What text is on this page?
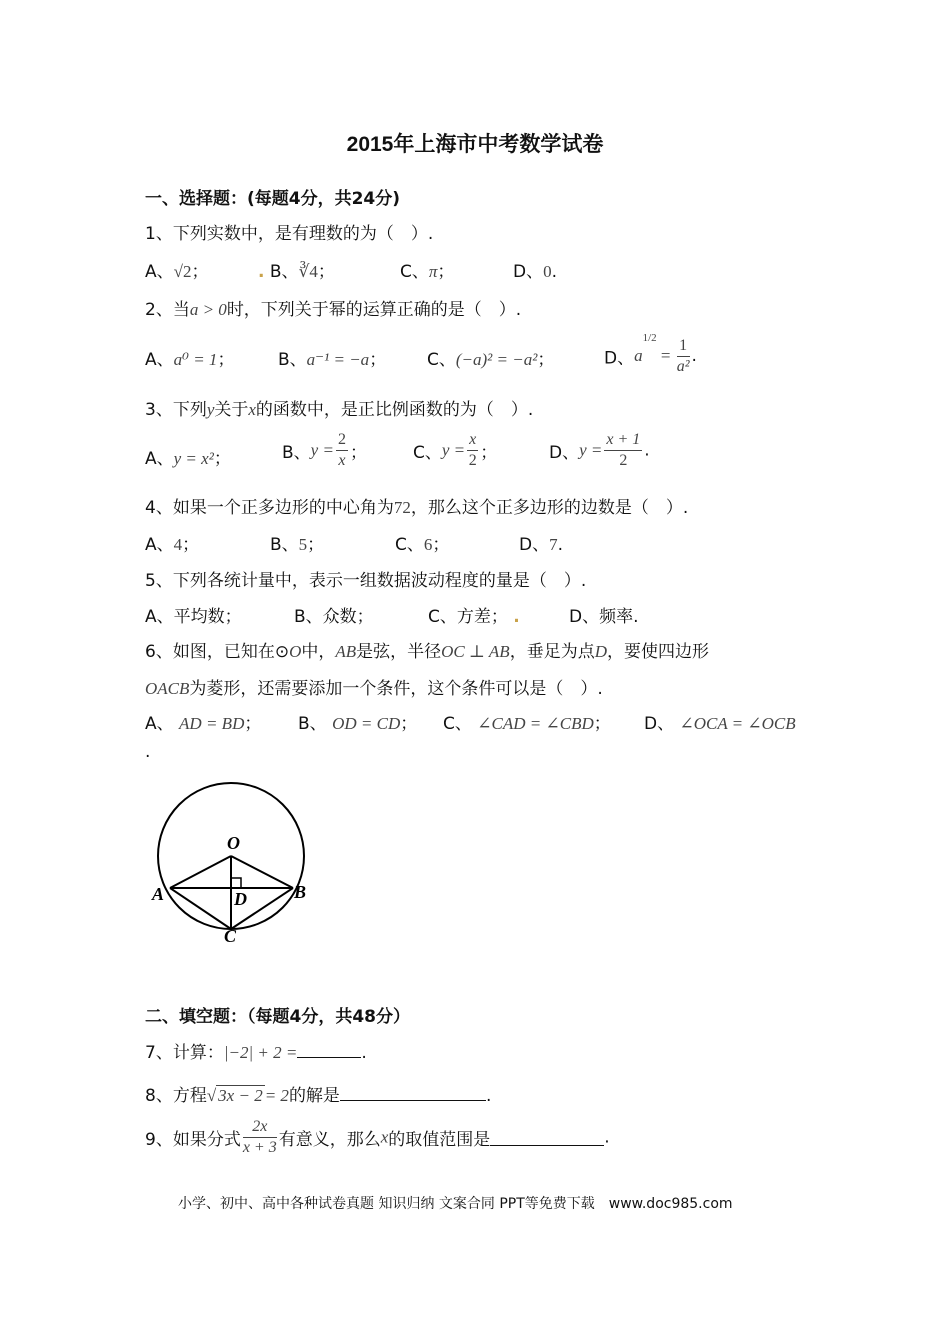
2015年上海市中考数学试卷
一、选择题：(每题4分，共24分)
1、下列实数中，是有理数的为（　）.
A、√2；	. B、∛4；	C、π；	D、0.
2、当a > 0时，下列关于幂的运算正确的是（　）.
A、a⁰ = 1；	B、a⁻¹ = −a； C、(−a)² = −a²；	D、$a^{1/2} = \frac{1}{\text{a²}}$ .
3、下列y关于x的函数中，是正比例函数的为（　）.
A、y = x²；	B、$y = \frac{2}{x}$ ；	C、$y = \frac{x}{2}$ ；	D、$y = \frac{x + 1}{2}$ .
4、如果一个正多边形的中心角为72，那么这个正多边形的边数是（　）.
A、4；	B、5；	C、6；	D、7.
5、下列各统计量中，表示一组数据波动程度的量是（　）.
A、平均数；	B、众数；	C、方差； .	D、频率.
6、如图，已知在⊙O中，AB是弦，半径OC ⊥ AB，垂足为点D，要使四边形
OACB为菱形，还需要添加一个条件，这个条件可以是（　）.
A、 AD = BD； B、 OD = CD； C、 ∠CAD = ∠CBD； D、 ∠OCA = ∠OCB
.
O
A	B
C
D
二、填空题：（每题4分，共48分）
7、计算：|−2| + 2 =	.
8、方程√ 3x − 2 = 2的解是	.
9、如果分式 $\frac{2x}{x + 3}$ 有意义，那么x的取值范围是	.
小学、初中、高中各种试卷真题 知识归纳 文案合同 PPT等免费下载　www.doc985.com
